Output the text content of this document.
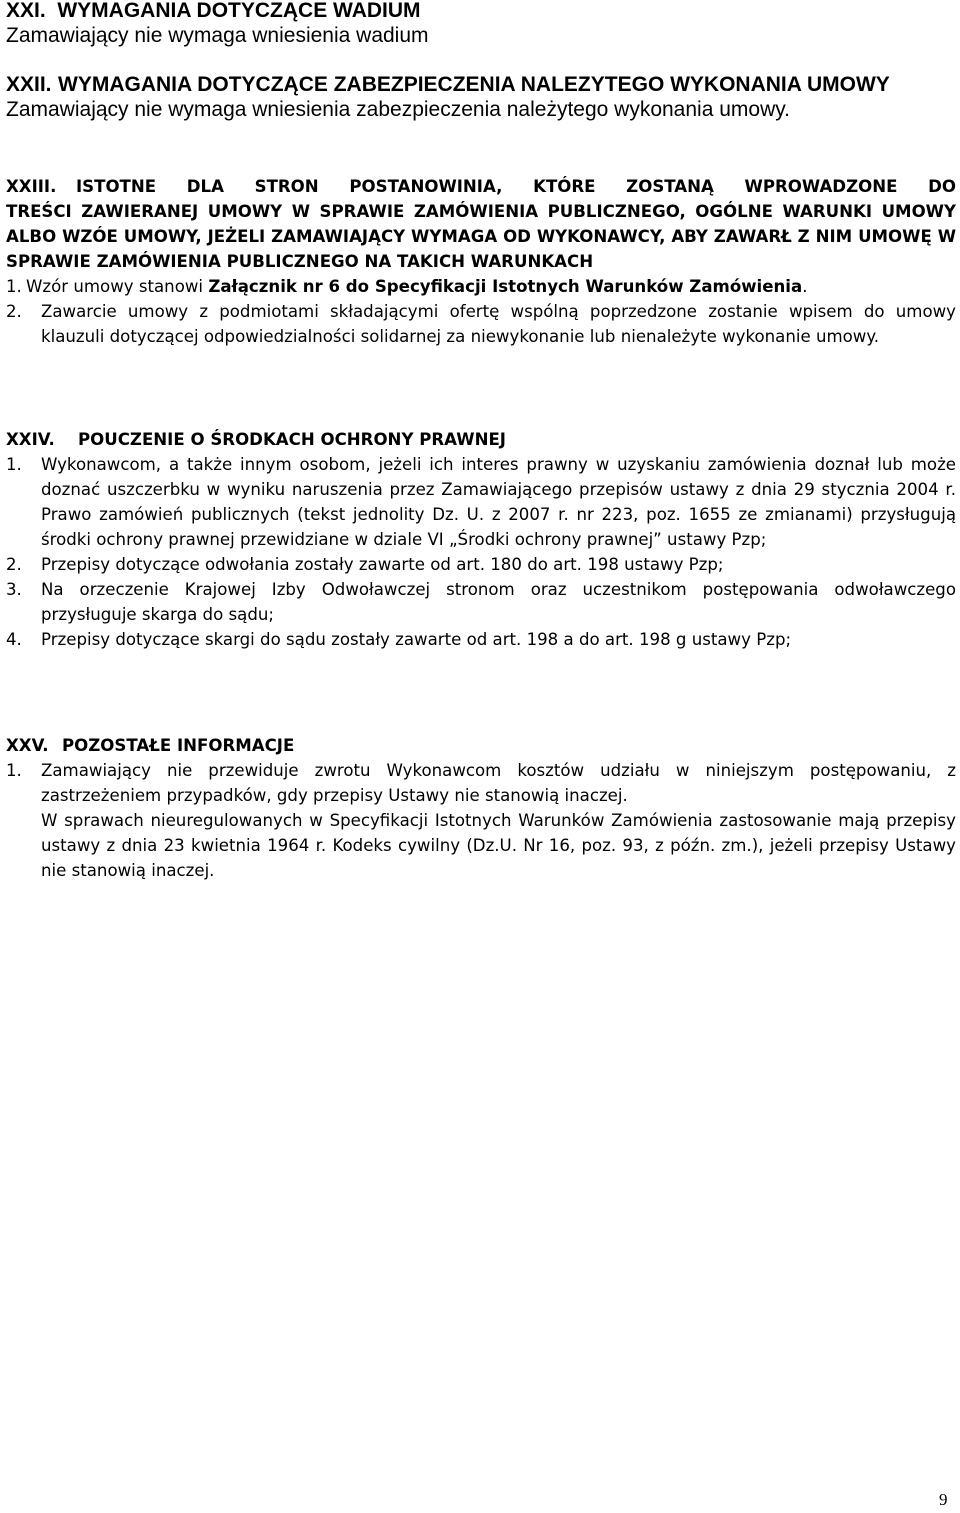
XXI.  WYMAGANIA DOTYCZĄCE WADIUM
Zamawiający nie wymaga wniesienia wadium
XXII. WYMAGANIA DOTYCZĄCE ZABEZPIECZENIA NALEZYTEGO WYKONANIA UMOWY
Zamawiający nie wymaga wniesienia zabezpieczenia należytego wykonania umowy.
XXIII.	ISTOTNE DLA STRON POSTANOWINIA, KTÓRE ZOSTANĄ WPROWADZONE DO
TREŚCI ZAWIERANEJ UMOWY W SPRAWIE ZAMÓWIENIA PUBLICZNEGO, OGÓLNE WARUNKI UMOWY ALBO WZÓE UMOWY, JEŻELI ZAMAWIAJĄCY WYMAGA OD WYKONAWCY, ABY ZAWARŁ Z NIM UMOWĘ W SPRAWIE ZAMÓWIENIA PUBLICZNEGO NA TAKICH WARUNKACH
1. Wzór umowy stanowi Załącznik nr 6 do Specyfikacji Istotnych Warunków Zamówienia.
2.	Zawarcie umowy z podmiotami składającymi ofertę wspólną poprzedzone zostanie wpisem do umowy klauzuli dotyczącej odpowiedzialności solidarnej za niewykonanie lub nienależyte wykonanie umowy.
XXIV.	POUCZENIE O ŚRODKACH OCHRONY PRAWNEJ
1.	Wykonawcom, a także innym osobom, jeżeli ich interes prawny w uzyskaniu zamówienia doznał lub może doznać uszczerbku w wyniku naruszenia przez Zamawiającego przepisów ustawy z dnia 29 stycznia 2004 r. Prawo zamówień publicznych (tekst jednolity Dz. U. z 2007 r. nr 223, poz. 1655 ze zmianami) przysługują środki ochrony prawnej przewidziane w dziale VI „Środki ochrony prawnej” ustawy Pzp;
2.	Przepisy dotyczące odwołania zostały zawarte od art. 180 do art. 198 ustawy Pzp;
3.	Na orzeczenie Krajowej Izby Odwoławczej stronom oraz uczestnikom postępowania odwoławczego przysługuje skarga do sądu;
4.	Przepisy dotyczące skargi do sądu zostały zawarte od art. 198 a do art. 198 g ustawy Pzp;
XXV. POZOSTAŁE INFORMACJE
1.	Zamawiający nie przewiduje zwrotu Wykonawcom kosztów udziału w niniejszym postępowaniu, z zastrzeżeniem przypadków, gdy przepisy Ustawy nie stanowią inaczej.
W sprawach nieuregulowanych w Specyfikacji Istotnych Warunków Zamówienia zastosowanie mają przepisy ustawy z dnia 23 kwietnia 1964 r. Kodeks cywilny (Dz.U. Nr 16, poz. 93, z późn. zm.), jeżeli przepisy Ustawy nie stanowią inaczej.
9
